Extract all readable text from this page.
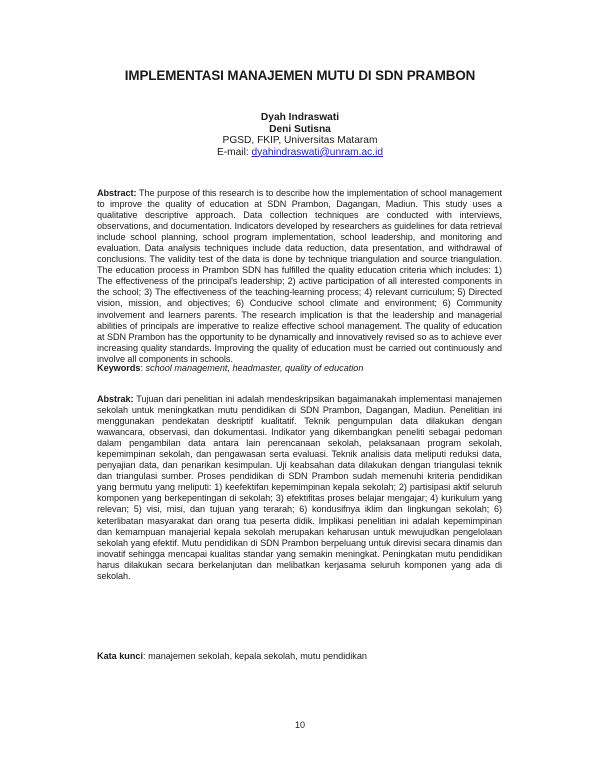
IMPLEMENTASI MANAJEMEN MUTU DI SDN PRAMBON
Dyah Indraswati
Deni Sutisna
PGSD, FKIP, Universitas Mataram
E-mail: dyahindraswati@unram.ac.id
Abstract: The purpose of this research is to describe how the implementation of school management to improve the quality of education at SDN Prambon, Dagangan, Madiun. This study uses a qualitative descriptive approach. Data collection techniques are conducted with interviews, observations, and documentation. Indicators developed by researchers as guidelines for data retrieval include school planning, school program implementation, school leadership, and monitoring and evaluation. Data analysis techniques include data reduction, data presentation, and withdrawal of conclusions. The validity test of the data is done by technique triangulation and source triangulation. The education process in Prambon SDN has fulfilled the quality education criteria which includes: 1) The effectiveness of the principal's leadership; 2) active participation of all interested components in the school; 3) The effectiveness of the teaching-learning process; 4) relevant curriculum; 5) Directed vision, mission, and objectives; 6) Conducive school climate and environment; 6) Community involvement and learners parents. The research implication is that the leadership and managerial abilities of principals are imperative to realize effective school management. The quality of education at SDN Prambon has the opportunity to be dynamically and innovatively revised so as to achieve ever increasing quality standards. Improving the quality of education must be carried out continuously and involve all components in schools.
Keywords: school management, headmaster, quality of education
Abstrak: Tujuan dari penelitian ini adalah mendeskripsikan bagaimanakah implementasi manajemen sekolah untuk meningkatkan mutu pendidikan di SDN Prambon, Dagangan, Madiun. Penelitian ini menggunakan pendekatan deskriptif kualitatif. Teknik pengumpulan data dilakukan dengan wawancara, observasi, dan dokumentasi. Indikator yang dikembangkan peneliti sebagai pedoman dalam pengambilan data antara lain perencanaan sekolah, pelaksanaan program sekolah, kepemimpinan sekolah, dan pengawasan serta evaluasi. Teknik analisis data meliputi reduksi data, penyajian data, dan penarikan kesimpulan. Uji keabsahan data dilakukan dengan triangulasi teknik dan triangulasi sumber. Proses pendidikan di SDN Prambon sudah memenuhi kriteria pendidikan yang bermutu yang meliputi: 1) keefektifan kepemimpinan kepala sekolah; 2) partisipasi aktif seluruh komponen yang berkepentingan di sekolah; 3) efektifitas proses belajar mengajar; 4) kurikulum yang relevan; 5) visi, misi, dan tujuan yang terarah; 6) kondusifnya iklim dan lingkungan sekolah; 6) keterlibatan masyarakat dan orang tua peserta didik. Implikasi penelitian ini adalah kepemimpinan dan kemampuan manajerial kepala sekolah merupakan keharusan untuk mewujudkan pengelolaan sekolah yang efektif. Mutu pendidikan di SDN Prambon berpeluang untuk direvisi secara dinamis dan inovatif sehingga mencapai kualitas standar yang semakin meningkat. Peningkatan mutu pendidikan harus dilakukan secara berkelanjutan dan melibatkan kerjasama seluruh komponen yang ada di sekolah.
Kata kunci: manajemen sekolah, kepala sekolah, mutu pendidikan
10
